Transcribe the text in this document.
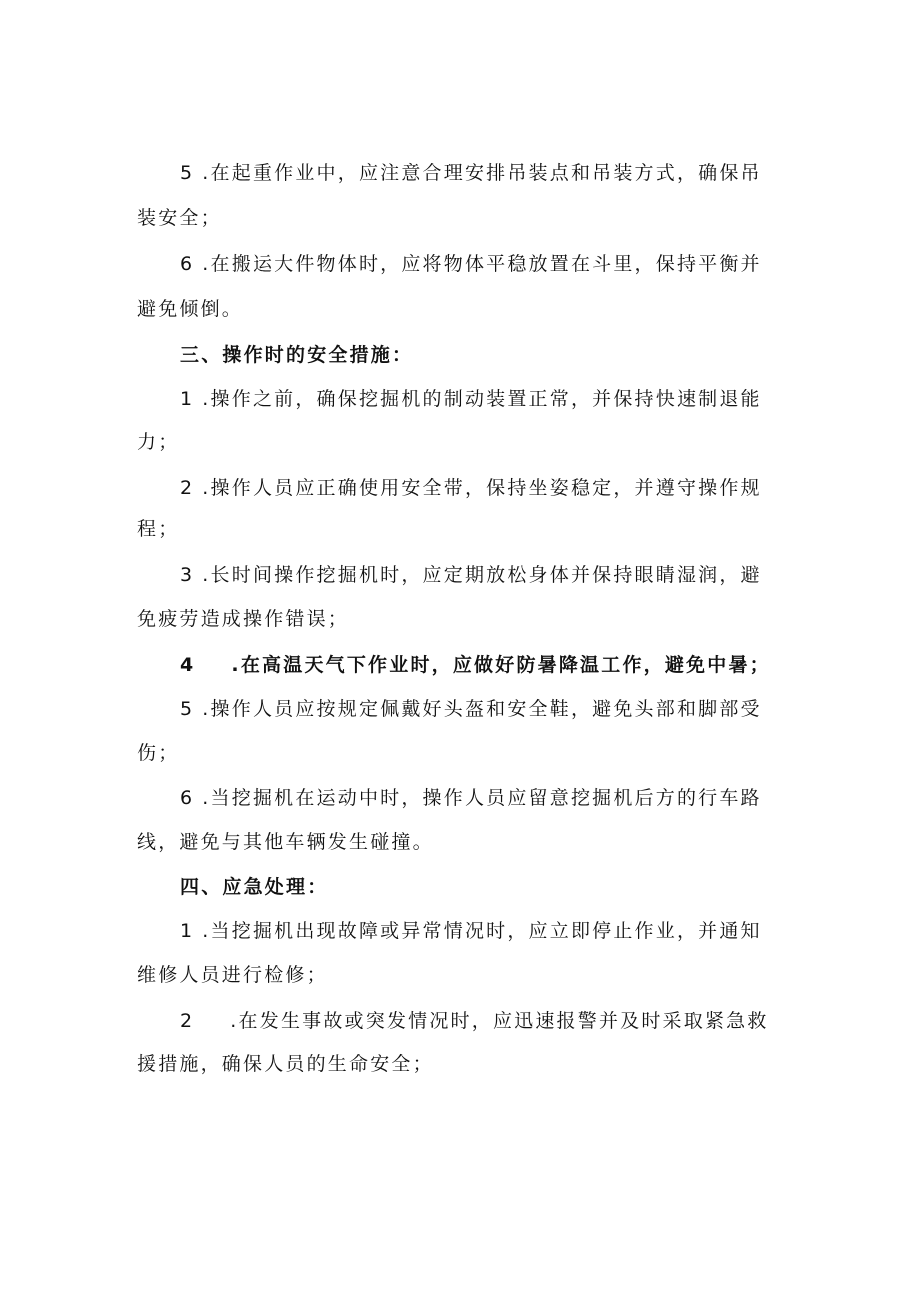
5 .在起重作业中，应注意合理安排吊装点和吊装方式，确保吊
装安全；
6 .在搬运大件物体时，应将物体平稳放置在斗里，保持平衡并
避免倾倒。
三、操作时的安全措施：
1 .操作之前，确保挖掘机的制动装置正常，并保持快速制退能
力；
2 .操作人员应正确使用安全带，保持坐姿稳定，并遵守操作规
程；
3 .长时间操作挖掘机时，应定期放松身体并保持眼睛湿润，避
免疲劳造成操作错误；
4 .在高温天气下作业时，应做好防暑降温工作，避免中暑；
5 .操作人员应按规定佩戴好头盔和安全鞋，避免头部和脚部受
伤；
6 .当挖掘机在运动中时，操作人员应留意挖掘机后方的行车路
线，避免与其他车辆发生碰撞。
四、应急处理：
1 .当挖掘机出现故障或异常情况时，应立即停止作业，并通知
维修人员进行检修；
2 .在发生事故或突发情况时，应迅速报警并及时采取紧急救
援措施，确保人员的生命安全；
